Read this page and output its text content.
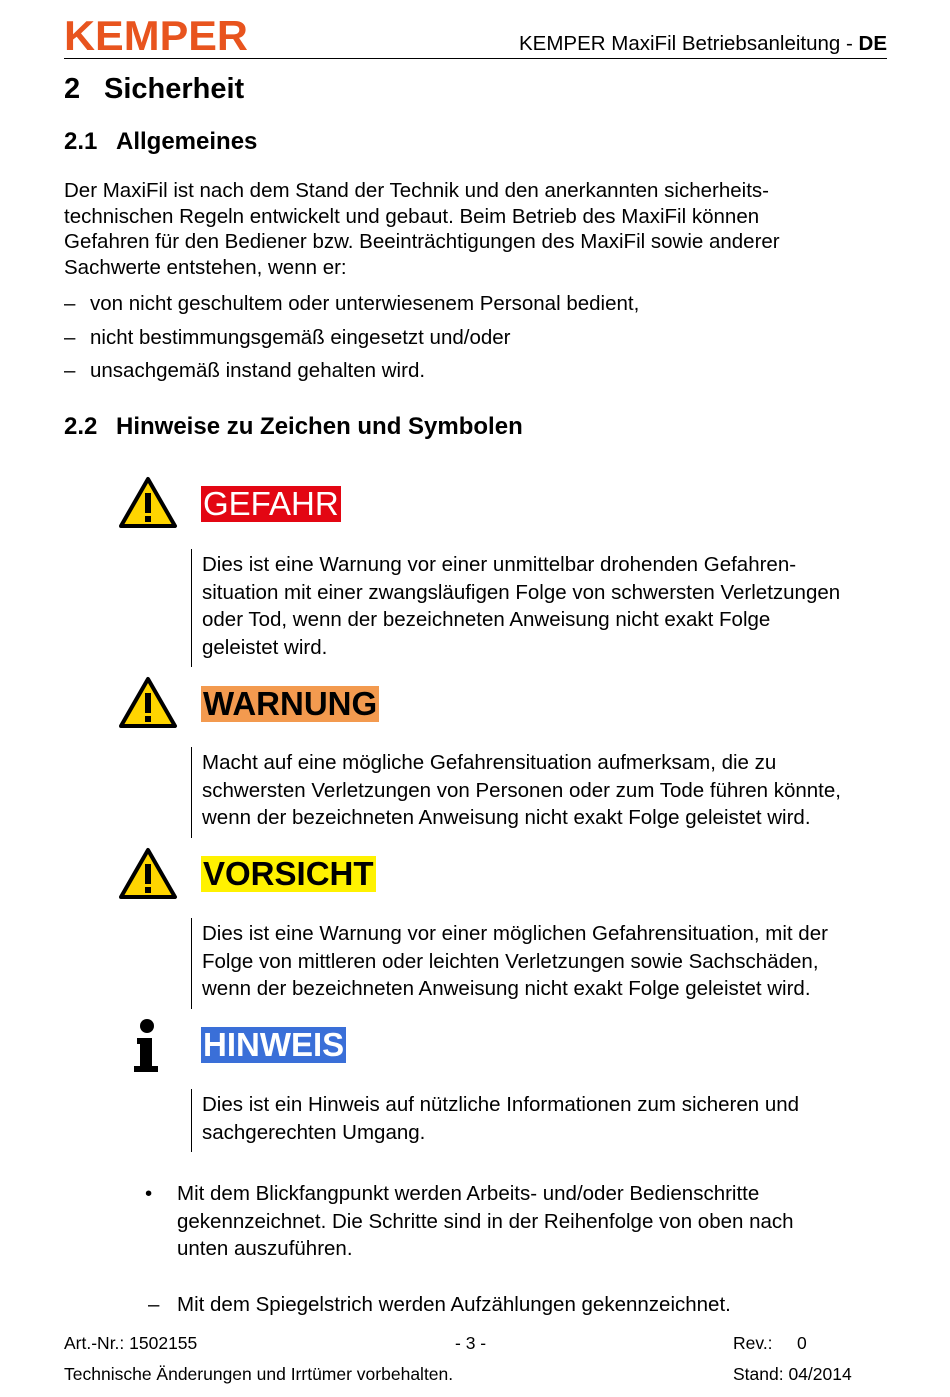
KEMPER	KEMPER MaxiFil Betriebsanleitung - DE
2 Sicherheit
2.1 Allgemeines
Der MaxiFil ist nach dem Stand der Technik und den anerkannten sicherheits-
technischen Regeln entwickelt und gebaut. Beim Betrieb des MaxiFil können
Gefahren für den Bediener bzw. Beeinträchtigungen des MaxiFil sowie anderer
Sachwerte entstehen, wenn er:
– von nicht geschultem oder unterwiesenem Personal bedient,
– nicht bestimmungsgemäß eingesetzt und/oder
– unsachgemäß instand gehalten wird.
2.2 Hinweise zu Zeichen und Symbolen
GEFAHR

Dies ist eine Warnung vor einer unmittelbar drohenden Gefahren-
situation mit einer zwangsläufigen Folge von schwersten Verletzungen
oder Tod, wenn der bezeichneten Anweisung nicht exakt Folge
geleistet wird.

WARNUNG

Macht auf eine mögliche Gefahrensituation aufmerksam, die zu
schwersten Verletzungen von Personen oder zum Tode führen könnte,
wenn der bezeichneten Anweisung nicht exakt Folge geleistet wird.

VORSICHT

Dies ist eine Warnung vor einer möglichen Gefahrensituation, mit der
Folge von mittleren oder leichten Verletzungen sowie Sachschäden,
wenn der bezeichneten Anweisung nicht exakt Folge geleistet wird.

HINWEIS

Dies ist ein Hinweis auf nützliche Informationen zum sicheren und
sachgerechten Umgang.

• Mit dem Blickfangpunkt werden Arbeits- und/oder Bedienschritte
gekennzeichnet. Die Schritte sind in der Reihenfolge von oben nach
unten auszuführen.
– Mit dem Spiegelstrich werden Aufzählungen gekennzeichnet.
Art.-Nr.: 1502155	- 3 -	Rev.: 0
Technische Änderungen und Irrtümer vorbehalten.	Stand: 04/2014
